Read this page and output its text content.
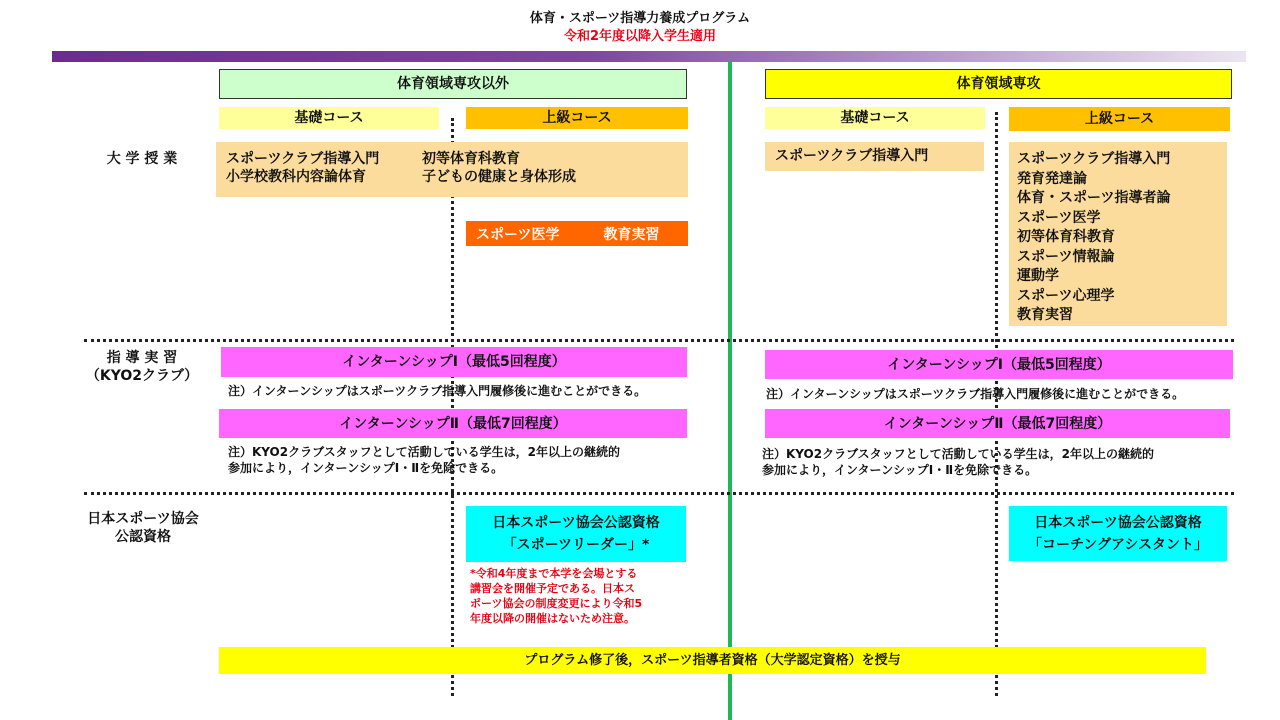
体育・スポーツ指導力養成プログラム
令和2年度以降入学生適用
大 学 授 業
指 導 実 習
（KYO2クラブ）
日本スポーツ協会
公認資格
体育領域専攻以外
基礎コース	上級コース
スポーツクラブ指導入門	初等体育科教育
小学校教科内容論体育	子どもの健康と身体形成
スポーツ医学	教育実習
インターンシップⅠ（最低5回程度）
注）インターンシップはスポーツクラブ指導入門履修後に進むことができる。
インターンシップⅡ（最低7回程度）
注）KYO2クラブスタッフとして活動している学生は，2年以上の継続的
参加により，インターンシップⅠ・Ⅱを免除できる。
日本スポーツ協会公認資格
「スポーツリーダー」*
*令和4年度まで本学を会場とする
講習会を開催予定である。日本ス
ポーツ協会の制度変更により令和5
年度以降の開催はないため注意。
体育領域専攻
基礎コース	上級コース
スポーツクラブ指導入門	スポーツクラブ指導入門
発育発達論
体育・スポーツ指導者論
スポーツ医学
初等体育科教育
スポーツ情報論
運動学
スポーツ心理学
教育実習
インターンシップⅠ（最低5回程度）
注）インターンシップはスポーツクラブ指導入門履修後に進むことができる。
インターンシップⅡ（最低7回程度）
注）KYO2クラブスタッフとして活動している学生は，2年以上の継続的
参加により，インターンシップⅠ・Ⅱを免除できる。
日本スポーツ協会公認資格
「コーチングアシスタント」
プログラム修了後，スポーツ指導者資格（大学認定資格）を授与
